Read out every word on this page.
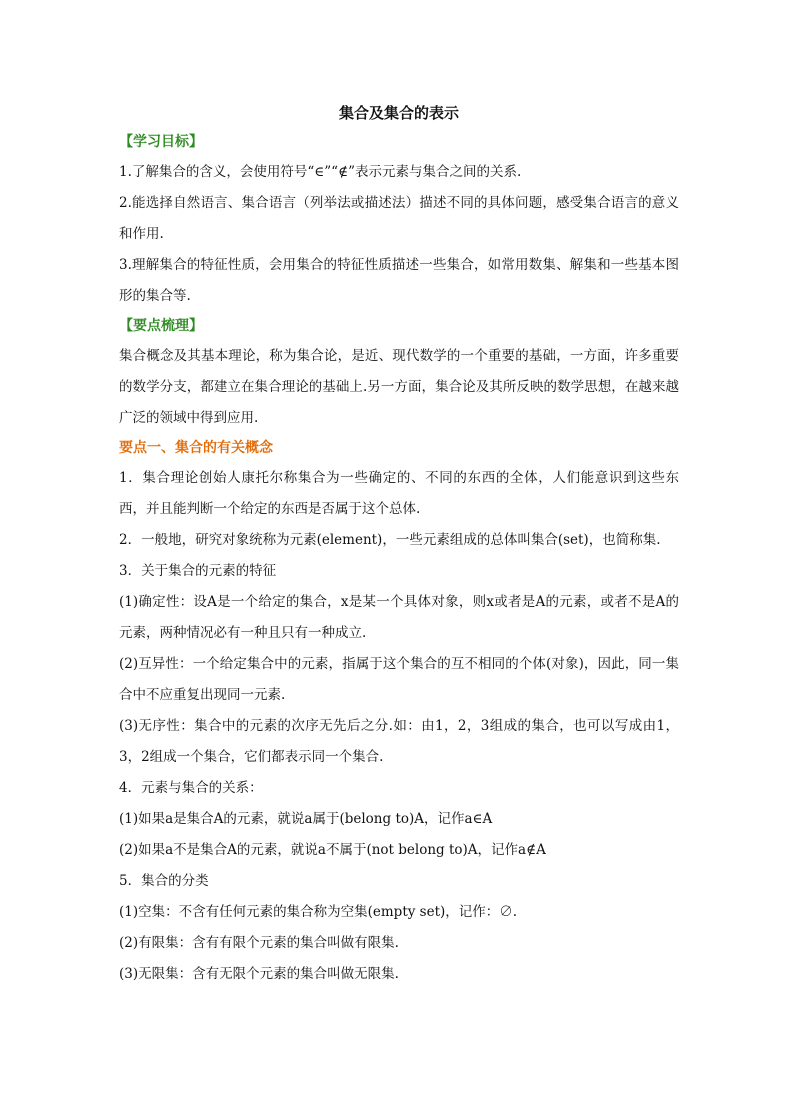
集合及集合的表示
【学习目标】

1.了解集合的含义，会使用符号“∈”“∉”表示元素与集合之间的关系.

2.能选择自然语言、集合语言（列举法或描述法）描述不同的具体问题，感受集合语言的意义和作用.

3.理解集合的特征性质，会用集合的特征性质描述一些集合，如常用数集、解集和一些基本图形的集合等.

【要点梳理】

集合概念及其基本理论，称为集合论，是近、现代数学的一个重要的基础，一方面，许多重要的数学分支，都建立在集合理论的基础上.另一方面，集合论及其所反映的数学思想，在越来越广泛的领域中得到应用.

要点一、集合的有关概念

1．集合理论创始人康托尔称集合为一些确定的、不同的东西的全体，人们能意识到这些东西，并且能判断一个给定的东西是否属于这个总体.

2．一般地，研究对象统称为元素(element)，一些元素组成的总体叫集合(set)，也简称集.
3．关于集合的元素的特征

(1)确定性：设A是一个给定的集合，x是某一个具体对象，则x或者是A的元素，或者不是A的元素，两种情况必有一种且只有一种成立.

(2)互异性：一个给定集合中的元素，指属于这个集合的互不相同的个体(对象)，因此，同一集合中不应重复出现同一元素.

(3)无序性：集合中的元素的次序无先后之分.如：由1，2，3组成的集合，也可以写成由1，3，2组成一个集合，它们都表示同一个集合.

4．元素与集合的关系：
(1)如果a是集合A的元素，就说a属于(belong to)A，记作a∈A
(2)如果a不是集合A的元素，就说a不属于(not belong to)A，记作a∉A
5．集合的分类
(1)空集：不含有任何元素的集合称为空集(empty set)，记作：∅.
(2)有限集：含有有限个元素的集合叫做有限集.
(3)无限集：含有无限个元素的集合叫做无限集.
